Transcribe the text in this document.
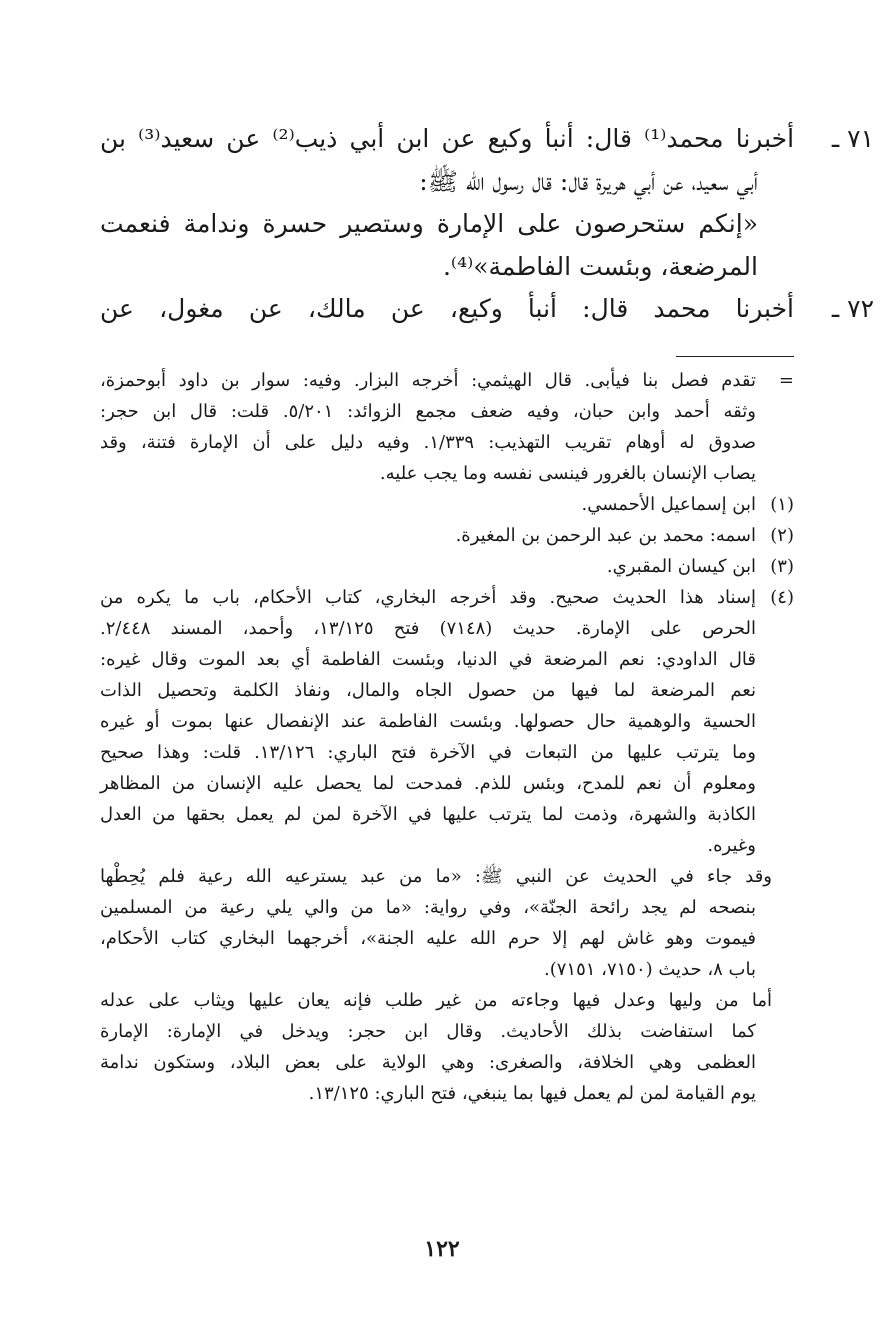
٧١ ـ
أخبرنا محمد⁽¹⁾ قال: أنبأ وكيع عن ابن أبي ذيب⁽²⁾ عن سعيد⁽³⁾ بن
أبي سعيد، عن أبي هريرة قال: قال رسول الله ﷺ:
«إنكم ستحرصون على الإمارة وستصير حسرة وندامة فنعمت
المرضعة، وبئست الفاطمة»⁽⁴⁾.
٧٢ ـ
أخبرنا محمد قال: أنبأ وكيع، عن مالك، عن مغول، عن
=
تقدم فصل بنا فيأبى. قال الهيثمي: أخرجه البزار. وفيه: سوار بن داود أبوحمزة،
وثقه أحمد وابن حبان، وفيه ضعف مجمع الزوائد: ٥/٢٠١. قلت: قال ابن حجر:
صدوق له أوهام تقريب التهذيب: ١/٣٣٩. وفيه دليل على أن الإمارة فتنة، وقد
يصاب الإنسان بالغرور فينسى نفسه وما يجب عليه.
(١)
ابن إسماعيل الأحمسي.
(٢)
اسمه: محمد بن عبد الرحمن بن المغيرة.
(٣)
ابن كيسان المقبري.
(٤)
إسناد هذا الحديث صحيح. وقد أخرجه البخاري، كتاب الأحكام، باب ما يكره من
الحرص على الإمارة. حديث (٧١٤٨) فتح ١٣/١٢٥، وأحمد، المسند ٢/٤٤٨.
قال الداودي: نعم المرضعة في الدنيا، وبئست الفاطمة أي بعد الموت وقال غيره:
نعم المرضعة لما فيها من حصول الجاه والمال، ونفاذ الكلمة وتحصيل الذات
الحسية والوهمية حال حصولها. وبئست الفاطمة عند الإنفصال عنها بموت أو غيره
وما يترتب عليها من التبعات في الآخرة فتح الباري: ١٣/١٢٦. قلت: وهذا صحيح
ومعلوم أن نعم للمدح، وبئس للذم. فمدحت لما يحصل عليه الإنسان من المظاهر
الكاذبة والشهرة، وذمت لما يترتب عليها في الآخرة لمن لم يعمل بحقها من العدل
وغيره.
وقد جاء في الحديث عن النبي ﷺ: «ما من عبد يسترعيه الله رعية فلم يُحِطْها
بنصحه لم يجد رائحة الجنّة»، وفي رواية: «ما من والي يلي رعية من المسلمين
فيموت وهو غاش لهم إلا حرم الله عليه الجنة»، أخرجهما البخاري كتاب الأحكام،
باب ٨، حديث (٧١٥٠، ٧١٥١).
أما من وليها وعدل فيها وجاءته من غير طلب فإنه يعان عليها ويثاب على عدله
كما استفاضت بذلك الأحاديث. وقال ابن حجر: ويدخل في الإمارة: الإمارة
العظمى وهي الخلافة، والصغرى: وهي الولاية على بعض البلاد، وستكون ندامة
يوم القيامة لمن لم يعمل فيها بما ينبغي، فتح الباري: ١٣/١٢٥.
١٢٢
